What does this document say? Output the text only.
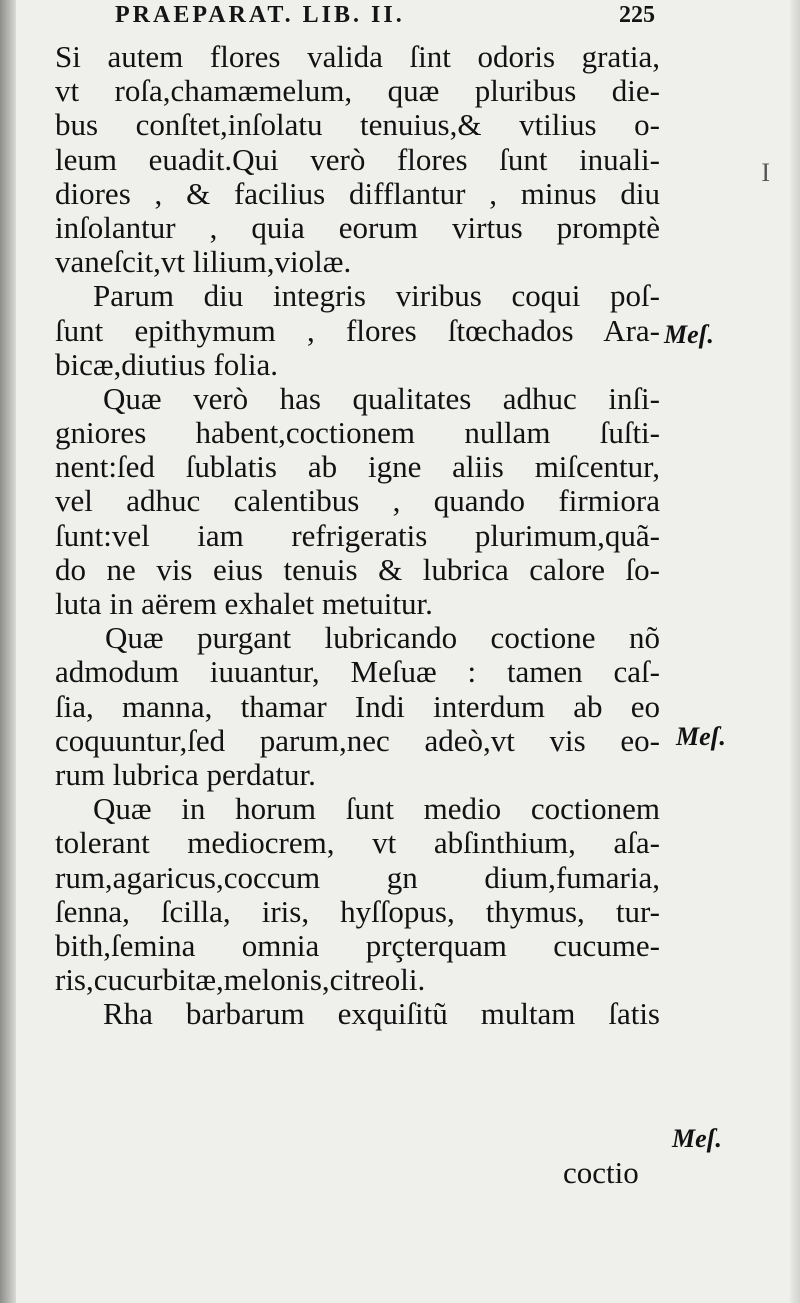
PRAEPARAT. LIB. II.	225
Si autem flores valida ſint odoris gratia,
vt roſa,chamæmelum, quæ pluribus die-
bus conſtet,inſolatu tenuius,& vtilius o-
leum euadit.Qui verò flores ſunt inuali-
diores , & facilius difflantur , minus diu
inſolantur , quia eorum virtus promptè
vaneſcit,vt lilium,violæ.
Parum diu integris viribus coqui poſ-
ſunt epithymum , flores ſtœchados Ara-
bicæ,diutius folia.
Quæ verò has qualitates adhuc inſi-
gniores habent,coctionem nullam ſuſti-
nent:ſed ſublatis ab igne aliis miſcentur,
vel adhuc calentibus , quando firmiora
ſunt:vel iam refrigeratis plurimum,quã-
do ne vis eius tenuis & lubrica calore ſo-
luta in aërem exhalet metuitur.
Quæ purgant lubricando coctione nõ
admodum iuuantur, Meſuæ : tamen caſ-
ſia, manna, thamar Indi interdum ab eo
coquuntur,ſed parum,nec adeò,vt vis eo-
rum lubrica perdatur.
Quæ in horum ſunt medio coctionem
tolerant mediocrem, vt abſinthium, aſa-
rum,agaricus,coccum gn dium,fumaria,
ſenna, ſcilla, iris, hyſſopus, thymus, tur-
bith,ſemina omnia prçterquam cucume-
ris,cucurbitæ,melonis,citreoli.
Rha barbarum exquiſitũ multam ſatis
coctio
Meſ.
Meſ.
Meſ.
I
